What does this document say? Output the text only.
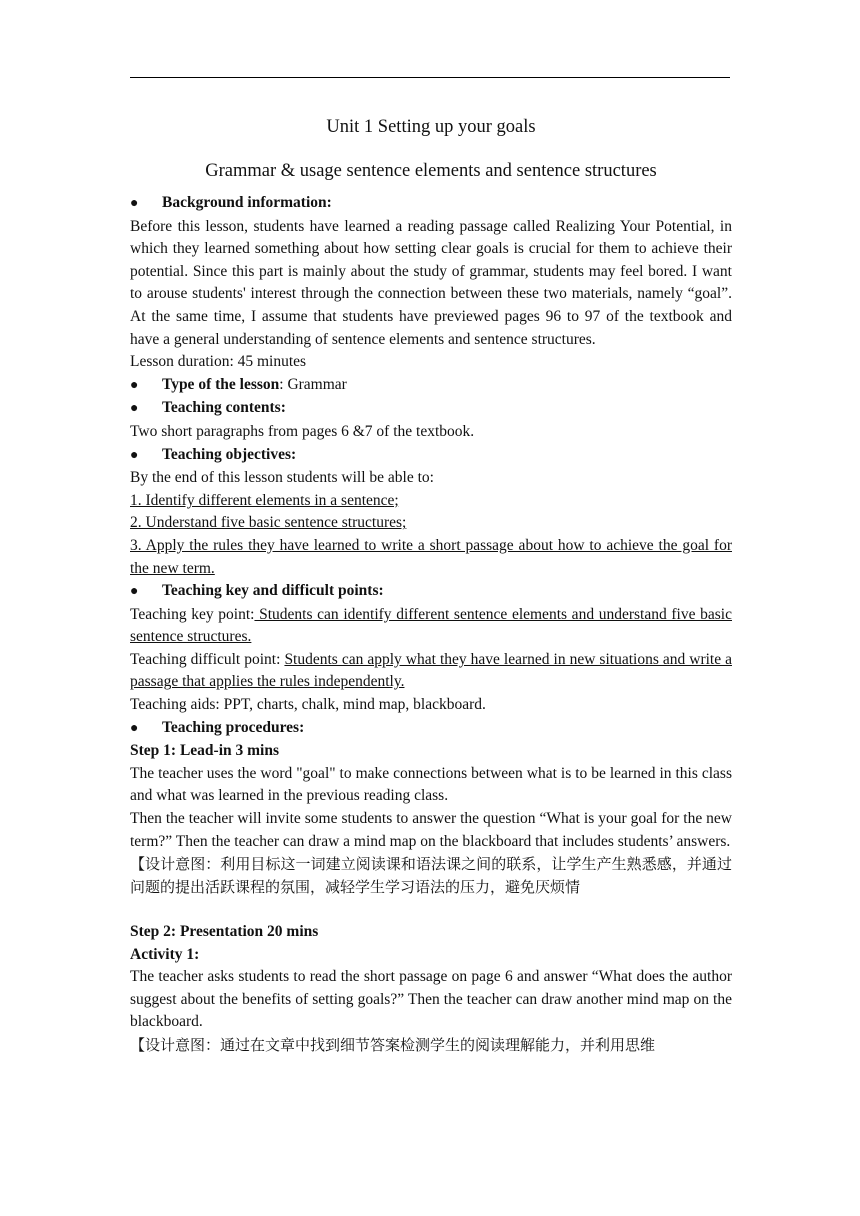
Unit 1 Setting up your goals

Grammar & usage sentence elements and sentence structures

●	Background information:

Before this lesson, students have learned a reading passage called Realizing Your Potential, in which they learned something about how setting clear goals is crucial for them to achieve their potential. Since this part is mainly about the study of grammar, students may feel bored. I want to arouse students' interest through the connection between these two materials, namely “goal”. At the same time, I assume that students have previewed pages 96 to 97 of the textbook and have a general understanding of sentence elements and sentence structures.

Lesson duration: 45 minutes

●	Type of the lesson: Grammar

●	Teaching contents:

Two short paragraphs from pages 6 &7 of the textbook.

●	Teaching objectives:

By the end of this lesson students will be able to:

1. Identify different elements in a sentence;

2. Understand five basic sentence structures;

3. Apply the rules they have learned to write a short passage about how to achieve the goal for the new term.

●	Teaching key and difficult points:

Teaching key point: Students can identify different sentence elements and understand five basic sentence structures.

Teaching difficult point: Students can apply what they have learned in new situations and write a passage that applies the rules independently.

Teaching aids: PPT, charts, chalk, mind map, blackboard.

●	Teaching procedures:

Step 1: Lead-in 3 mins

The teacher uses the word "goal" to make connections between what is to be learned in this class and what was learned in the previous reading class.

Then the teacher will invite some students to answer the question “What is your goal for the new term?” Then the teacher can draw a mind map on the blackboard that includes students’ answers.

【设计意图：利用目标这一词建立阅读课和语法课之间的联系，让学生产生熟悉感，并通过问题的提出活跃课程的氛围，减轻学生学习语法的压力，避免厌烦情

Step 2: Presentation 20 mins

Activity 1:

The teacher asks students to read the short passage on page 6 and answer “What does the author suggest about the benefits of setting goals?” Then the teacher can draw another mind map on the blackboard.

【设计意图：通过在文章中找到细节答案检测学生的阅读理解能力，并利用思维
